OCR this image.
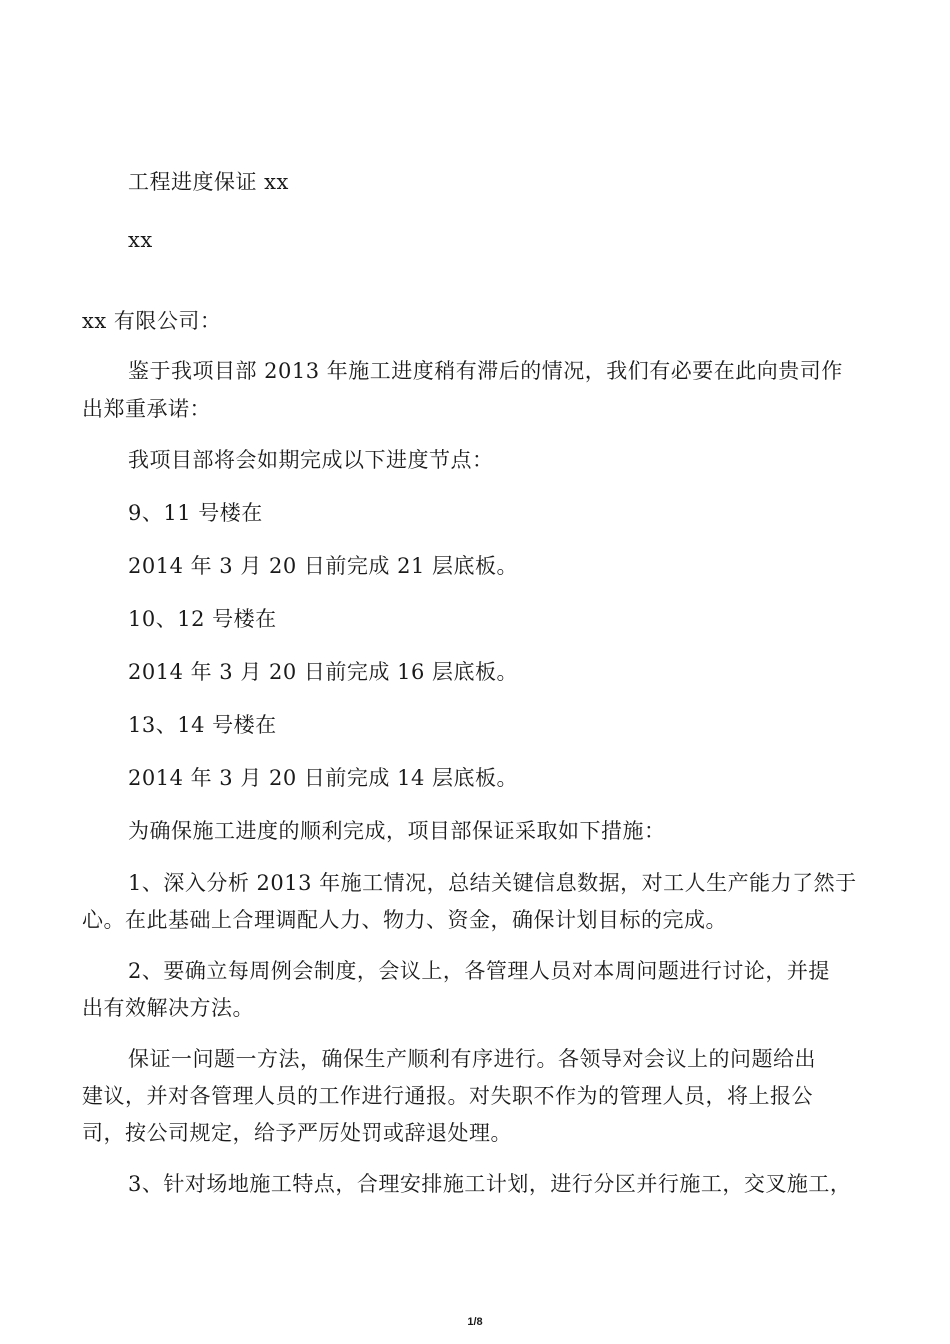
工程进度保证 xx
xx
xx 有限公司：
鉴于我项目部 2013 年施工进度稍有滞后的情况，我们有必要在此向贵司作
出郑重承诺：
我项目部将会如期完成以下进度节点：
9、11 号楼在
2014 年 3 月 20 日前完成 21 层底板。
10、12 号楼在
2014 年 3 月 20 日前完成 16 层底板。
13、14 号楼在
2014 年 3 月 20 日前完成 14 层底板。
为确保施工进度的顺利完成，项目部保证采取如下措施：
1、深入分析 2013 年施工情况，总结关键信息数据，对工人生产能力了然于
心。在此基础上合理调配人力、物力、资金，确保计划目标的完成。
2、要确立每周例会制度，会议上，各管理人员对本周问题进行讨论，并提
出有效解决方法。
保证一问题一方法，确保生产顺利有序进行。各领导对会议上的问题给出
建议，并对各管理人员的工作进行通报。对失职不作为的管理人员，将上报公
司，按公司规定，给予严厉处罚或辞退处理。
3、针对场地施工特点，合理安排施工计划，进行分区并行施工，交叉施工，
1/8
